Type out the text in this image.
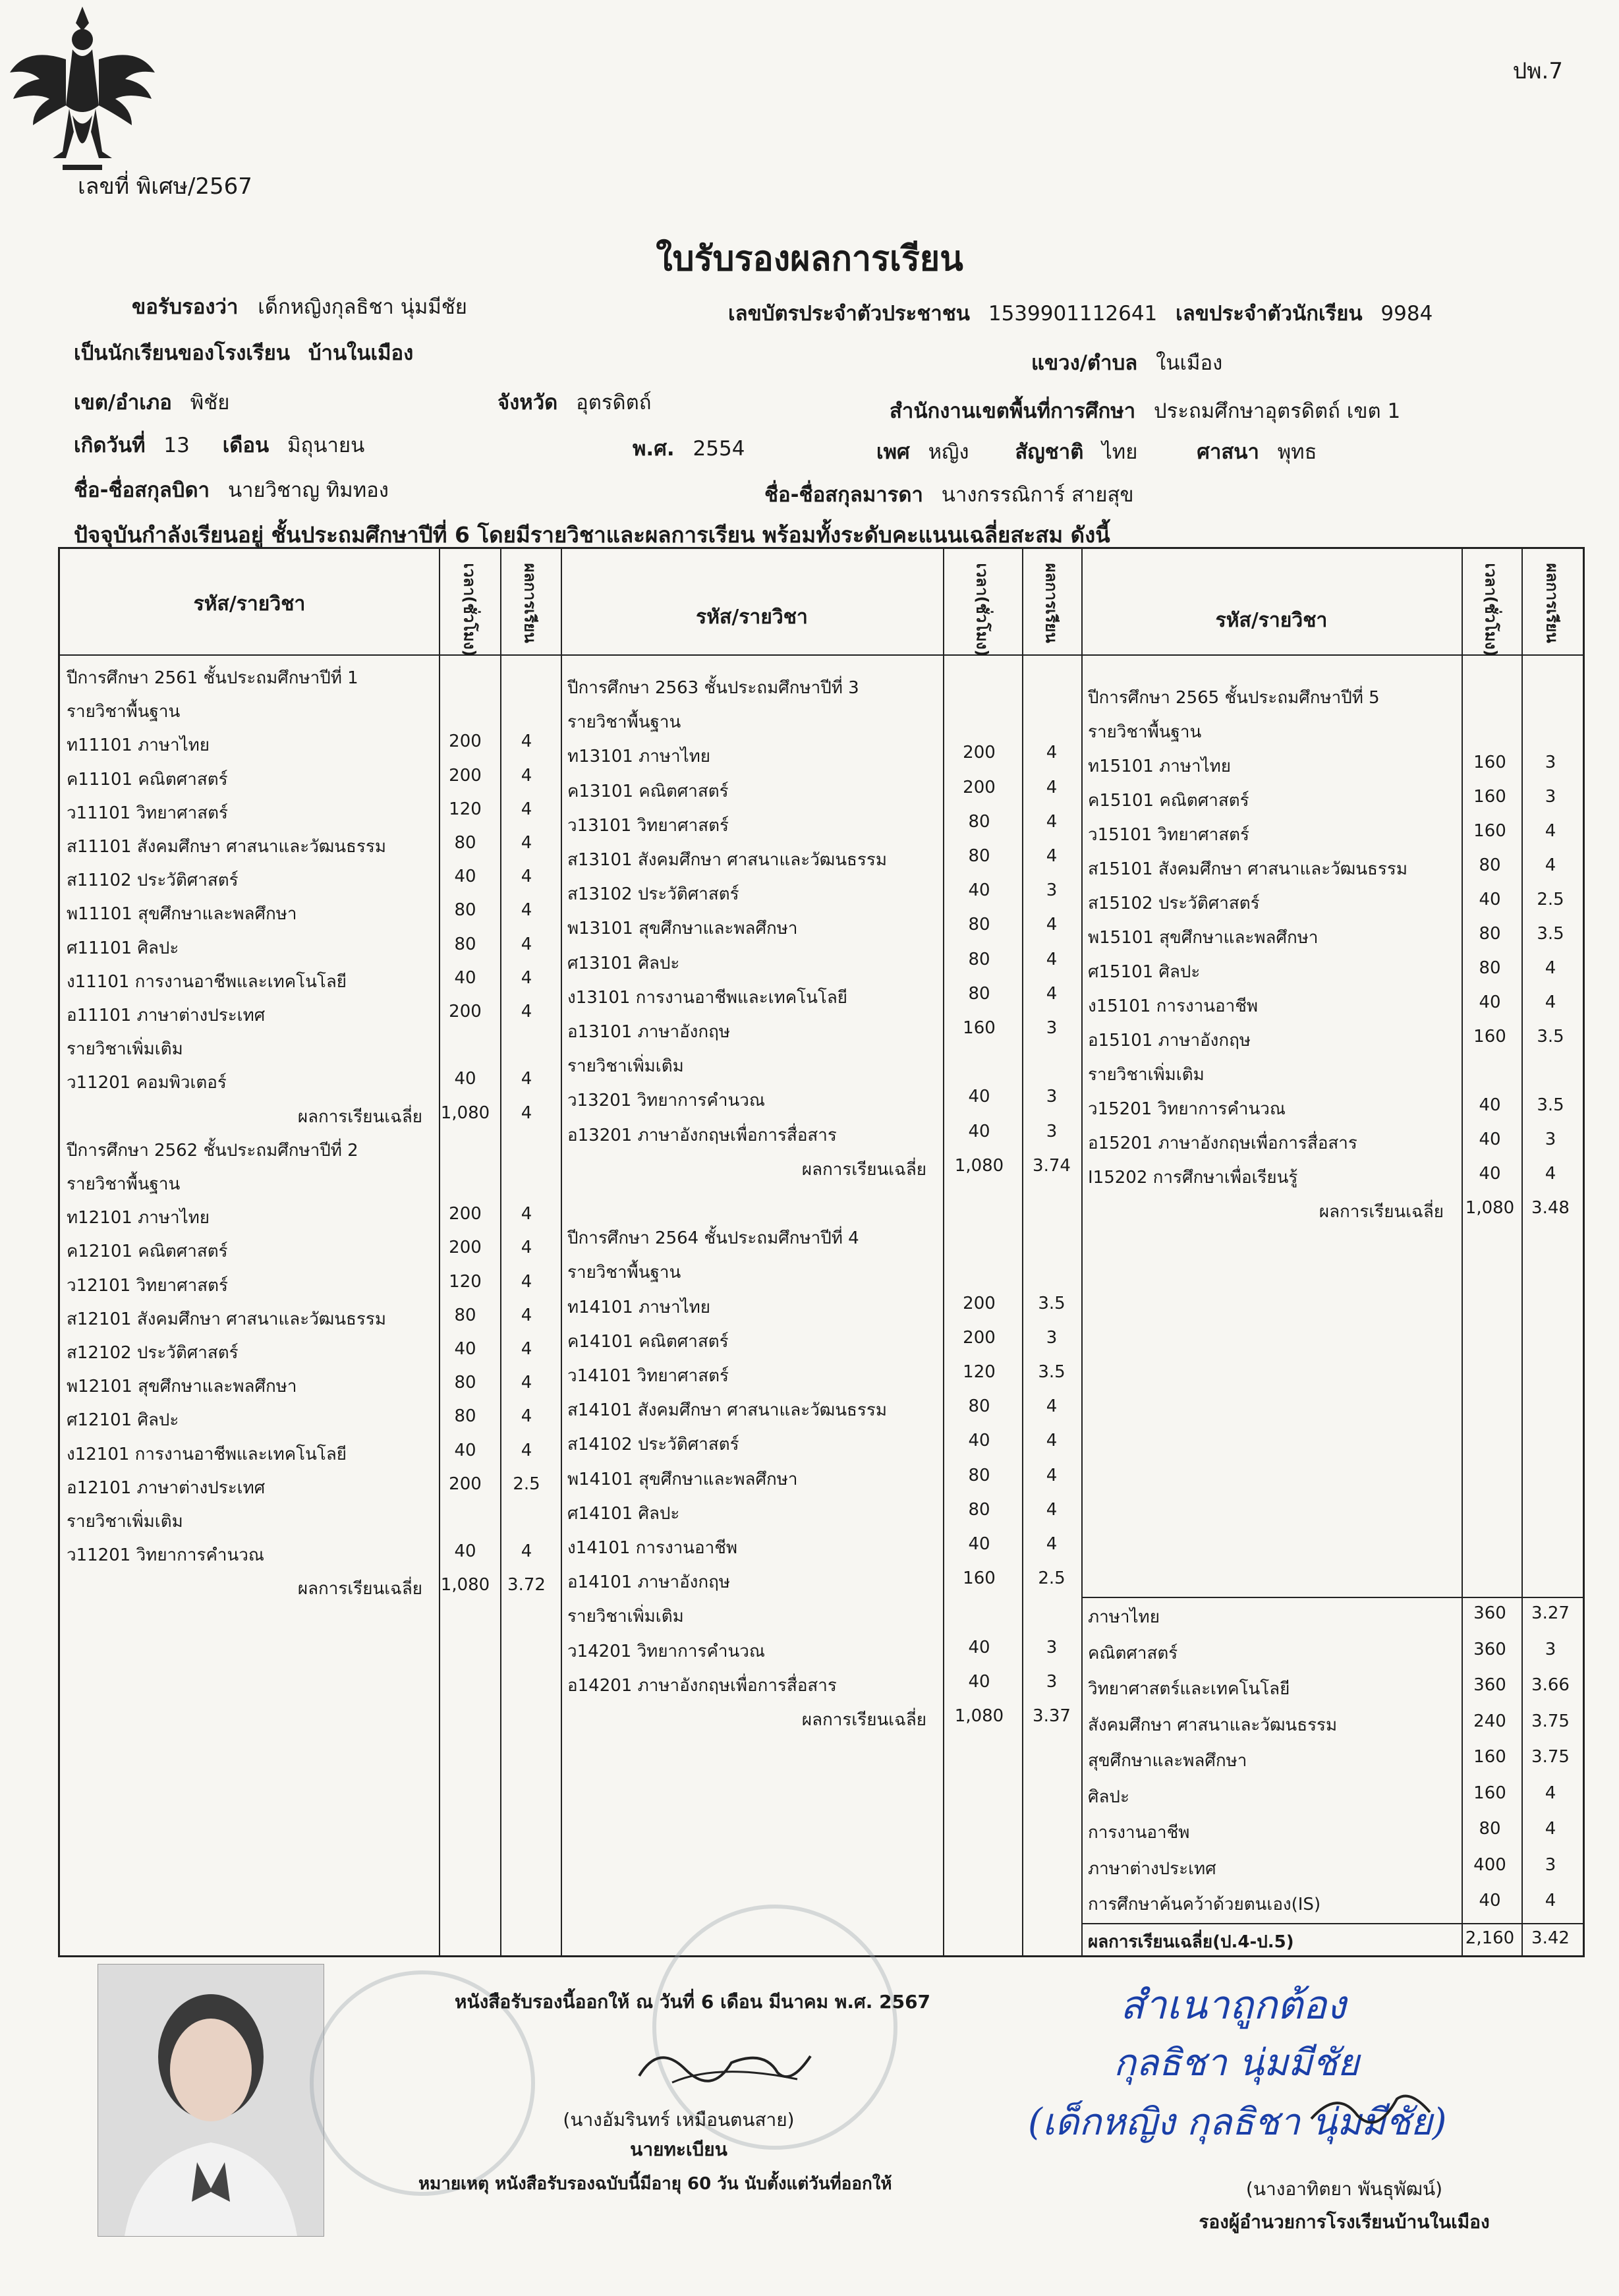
ปพ.7
เลขที่ พิเศษ/2567
ใบรับรองผลการเรียน
ขอรับรองว่า เด็กหญิงกุลธิชา นุ่มมีชัย	เลขบัตรประจำตัวประชาชน 1539901112641 เลขประจำตัวนักเรียน 9984
เป็นนักเรียนของโรงเรียน บ้านในเมือง	แขวง/ตำบล ในเมือง
เขต/อำเภอ พิชัย	จังหวัด อุตรดิตถ์	สำนักงานเขตพื้นที่การศึกษา ประถมศึกษาอุตรดิตถ์ เขต 1
เกิดวันที่ 13 เดือน มิถุนายน	พ.ศ. 2554	เพศ หญิง สัญชาติ ไทย	ศาสนา พุทธ
ชื่อ-ชื่อสกุลบิดา นายวิชาญ ทิมทอง	ชื่อ-ชื่อสกุลมารดา นางกรรณิการ์ สายสุข
ปัจจุบันกำลังเรียนอยู่ ชั้นประถมศึกษาปีที่ 6 โดยมีรายวิชาและผลการเรียน พร้อมทั้งระดับคะแนนเฉลี่ยสะสม ดังนี้
รหัส/รายวิชา	เวลา(ชั่วโมง)	ผลการเรียน	รหัส/รายวิชา	เวลา(ชั่วโมง)	ผลการเรียน	รหัส/รายวิชา	เวลา(ชั่วโมง)	ผลการเรียน
ปีการศึกษา 2561 ชั้นประถมศึกษาปีที่ 1
รายวิชาพื้นฐาน
ท11101 ภาษาไทย	200	4
ค11101 คณิตศาสตร์	200	4
ว11101 วิทยาศาสตร์	120	4
ส11101 สังคมศึกษา ศาสนาและวัฒนธรรม	80	4
ส11102 ประวัติศาสตร์	40	4
พ11101 สุขศึกษาและพลศึกษา	80	4
ศ11101 ศิลปะ	80	4
ง11101 การงานอาชีพและเทคโนโลยี	40	4
อ11101 ภาษาต่างประเทศ	200	4
รายวิชาเพิ่มเติม
ว11201 คอมพิวเตอร์	40	4
ผลการเรียนเฉลี่ย 1,080	4
ปีการศึกษา 2562 ชั้นประถมศึกษาปีที่ 2
รายวิชาพื้นฐาน
ท12101 ภาษาไทย	200	4
ค12101 คณิตศาสตร์	200	4
ว12101 วิทยาศาสตร์	120	4
ส12101 สังคมศึกษา ศาสนาและวัฒนธรรม	80	4
ส12102 ประวัติศาสตร์	40	4
พ12101 สุขศึกษาและพลศึกษา	80	4
ศ12101 ศิลปะ	80	4
ง12101 การงานอาชีพและเทคโนโลยี	40	4
อ12101 ภาษาต่างประเทศ	200	2.5
รายวิชาเพิ่มเติม
ว11201 วิทยาการคำนวณ	40	4
ผลการเรียนเฉลี่ย 1,080	3.72
ปีการศึกษา 2563 ชั้นประถมศึกษาปีที่ 3
รายวิชาพื้นฐาน
ท13101 ภาษาไทย	200	4
ค13101 คณิตศาสตร์	200	4
ว13101 วิทยาศาสตร์	80	4
ส13101 สังคมศึกษา ศาสนาและวัฒนธรรม	80	4
ส13102 ประวัติศาสตร์	40	3
พ13101 สุขศึกษาและพลศึกษา	80	4
ศ13101 ศิลปะ	80	4
ง13101 การงานอาชีพและเทคโนโลยี	80	4
อ13101 ภาษาอังกฤษ	160	3
รายวิชาเพิ่มเติม
ว13201 วิทยาการคำนวณ	40	3
อ13201 ภาษาอังกฤษเพื่อการสื่อสาร	40	3
ผลการเรียนเฉลี่ย 1,080	3.74
ปีการศึกษา 2564 ชั้นประถมศึกษาปีที่ 4
รายวิชาพื้นฐาน
ท14101 ภาษาไทย	200	3.5
ค14101 คณิตศาสตร์	200	3
ว14101 วิทยาศาสตร์	120	3.5
ส14101 สังคมศึกษา ศาสนาและวัฒนธรรม	80	4
ส14102 ประวัติศาสตร์	40	4
พ14101 สุขศึกษาและพลศึกษา	80	4
ศ14101 ศิลปะ	80	4
ง14101 การงานอาชีพ	40	4
อ14101 ภาษาอังกฤษ	160	2.5
รายวิชาเพิ่มเติม
ว14201 วิทยาการคำนวณ	40	3
อ14201 ภาษาอังกฤษเพื่อการสื่อสาร	40	3
ผลการเรียนเฉลี่ย 1,080	3.37
ปีการศึกษา 2565 ชั้นประถมศึกษาปีที่ 5
รายวิชาพื้นฐาน
ท15101 ภาษาไทย	160	3
ค15101 คณิตศาสตร์	160	3
ว15101 วิทยาศาสตร์	160	4
ส15101 สังคมศึกษา ศาสนาและวัฒนธรรม	80	4
ส15102 ประวัติศาสตร์	40	2.5
พ15101 สุขศึกษาและพลศึกษา	80	3.5
ศ15101 ศิลปะ	80	4
ง15101 การงานอาชีพ	40	4
อ15101 ภาษาอังกฤษ	160	3.5
รายวิชาเพิ่มเติม
ว15201 วิทยาการคำนวณ	40	3.5
อ15201 ภาษาอังกฤษเพื่อการสื่อสาร	40	3
I15202 การศึกษาเพื่อเรียนรู้	40	4
ผลการเรียนเฉลี่ย 1,080 3.48
ภาษาไทย	360	3.27
คณิตศาสตร์	360	3
วิทยาศาสตร์และเทคโนโลยี	360	3.66
สังคมศึกษา ศาสนาและวัฒนธรรม	240	3.75
สุขศึกษาและพลศึกษา	160	3.75
ศิลปะ	160	4
การงานอาชีพ	80	4
ภาษาต่างประเทศ	400	3
การศึกษาค้นคว้าด้วยตนเอง(IS)	40	4
ผลการเรียนเฉลี่ย(ป.4-ป.5)	2,160 3.42
หนังสือรับรองนี้ออกให้ ณ วันที่ 6 เดือน มีนาคม พ.ศ. 2567
(นางอัมรินทร์ เหมือนตนสาย)
นายทะเบียน
หมายเหตุ หนังสือรับรองฉบับนี้มีอายุ 60 วัน นับตั้งแต่วันที่ออกให้
สำเนาถูกต้อง
กุลธิชา นุ่มมีชัย
(เด็กหญิง กุลธิชา นุ่มมีชัย)
(นางอาทิตยา พันธุพัฒน์)
รองผู้อำนวยการโรงเรียนบ้านในเมือง
